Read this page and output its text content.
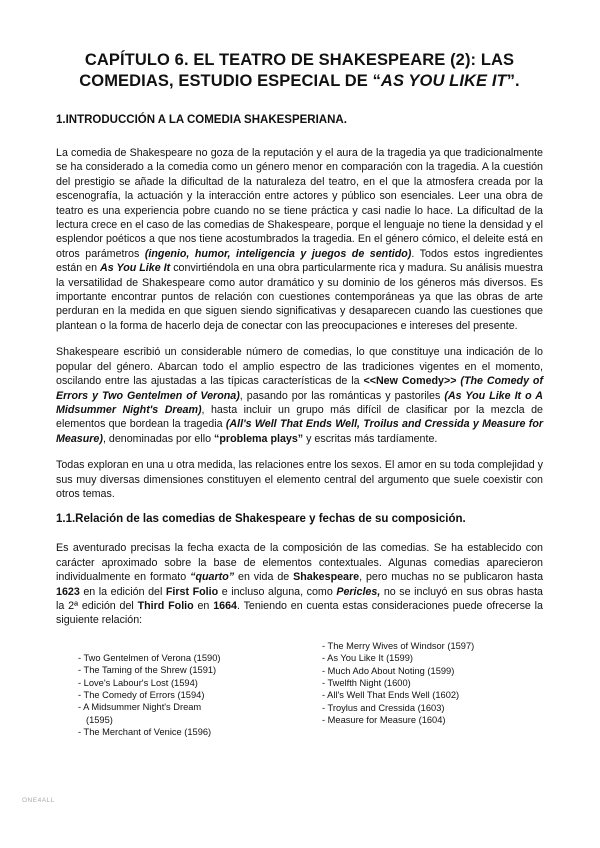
CAPÍTULO 6. EL TEATRO DE SHAKESPEARE (2): LAS COMEDIAS, ESTUDIO ESPECIAL DE “AS YOU LIKE IT”.
1.INTRODUCCIÓN A LA COMEDIA SHAKESPERIANA.

La comedia de Shakespeare no goza de la reputación y el aura de la tragedia ya que tradicionalmente se ha considerado a la comedia como un género menor en comparación con la tragedia. A la cuestión del prestigio se añade la dificultad de la naturaleza del teatro, en el que la atmosfera creada por la escenografía, la actuación y la interacción entre actores y público son esenciales. Leer una obra de teatro es una experiencia pobre cuando no se tiene práctica y casi nadie lo hace. La dificultad de la lectura crece en el caso de las comedias de Shakespeare, porque el lenguaje no tiene la densidad y el esplendor poéticos a que nos tiene acostumbrados la tragedia. En el género cómico, el deleite está en otros parámetros (ingenio, humor, inteligencia y juegos de sentido). Todos estos ingredientes están en As You Like It convirtiéndola en una obra particularmente rica y madura. Su análisis muestra la versatilidad de Shakespeare como autor dramático y su dominio de los géneros más diversos. Es importante encontrar puntos de relación con cuestiones contemporáneas ya que las obras de arte perduran en la medida en que siguen siendo significativas y desaparecen cuando las cuestiones que plantean o la forma de hacerlo deja de conectar con las preocupaciones e intereses del presente.

Shakespeare escribió un considerable número de comedias, lo que constituye una indicación de lo popular del género. Abarcan todo el amplio espectro de las tradiciones vigentes en el momento, oscilando entre las ajustadas a las típicas características de la <<New Comedy>> (The Comedy of Errors y Two Gentelmen of Verona), pasando por las románticas y pastoriles (As You Like It o A Midsummer Night's Dream), hasta incluir un grupo más difícil de clasificar por la mezcla de elementos que bordean la tragedia (All's Well That Ends Well, Troilus and Cressida y Measure for Measure), denominadas por ello “problema plays” y escritas más tardíamente.

Todas exploran en una u otra medida, las relaciones entre los sexos. El amor en su toda complejidad y sus muy diversas dimensiones constituyen el elemento central del argumento que suele coexistir con otros temas.

1.1.Relación de las comedias de Shakespeare y fechas de su composición.

Es aventurado precisas la fecha exacta de la composición de las comedias. Se ha establecido con carácter aproximado sobre la base de elementos contextuales. Algunas comedias aparecieron individualmente en formato “quarto” en vida de Shakespeare, pero muchas no se publicaron hasta 1623 en la edición del First Folio e incluso alguna, como Pericles, no se incluyó en sus obras hasta la 2ª edición del Third Folio en 1664. Teniendo en cuenta estas consideraciones puede ofrecerse la siguiente relación:

- Two Gentelmen of Verona (1590)
- The Taming of the Shrew (1591)
- Love's Labour's Lost (1594)
- The Comedy of Errors (1594)
- A Midsummer Night's Dream
(1595)
- The Merchant of Venice (1596)
- The Merry Wives of Windsor (1597)
- As You Like It (1599)
- Much Ado About Noting (1599)
- Twelfth Night (1600)
- All's Well That Ends Well (1602)
- Troylus and Cressida (1603)
- Measure for Measure (1604)
ONE4ALL
